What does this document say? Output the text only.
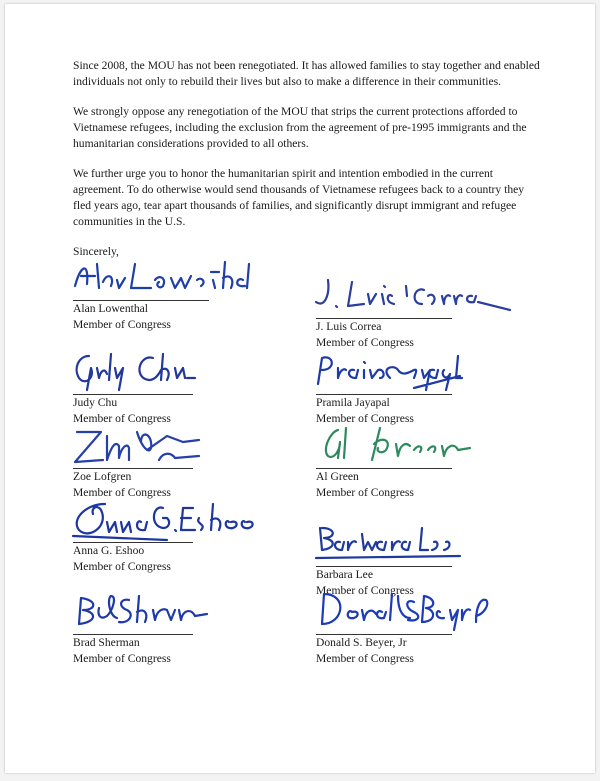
Since 2008, the MOU has not been renegotiated. It has allowed families to stay together and enabled individuals not only to rebuild their lives but also to make a difference in their communities.

We strongly oppose any renegotiation of the MOU that strips the current protections afforded to Vietnamese refugees, including the exclusion from the agreement of pre-1995 immigrants and the humanitarian considerations provided to all others.

We further urge you to honor the humanitarian spirit and intention embodied in the current agreement. To do otherwise would send thousands of Vietnamese refugees back to a country they fled years ago, tear apart thousands of families, and significantly disrupt immigrant and refugee communities in the U.S.

Sincerely,

Alan Lowenthal
Member of Congress	J. Luis Correa
Member of Congress
Judy Chu
Member of Congress
Pramila Jayapal
Member of Congress
Zoe Lofgren
Member of Congress
Al Green
Member of Congress
Anna G. Eshoo
Member of Congress
Barbara Lee
Member of Congress
Brad Sherman
Member of Congress
Donald S. Beyer, Jr
Member of Congress
